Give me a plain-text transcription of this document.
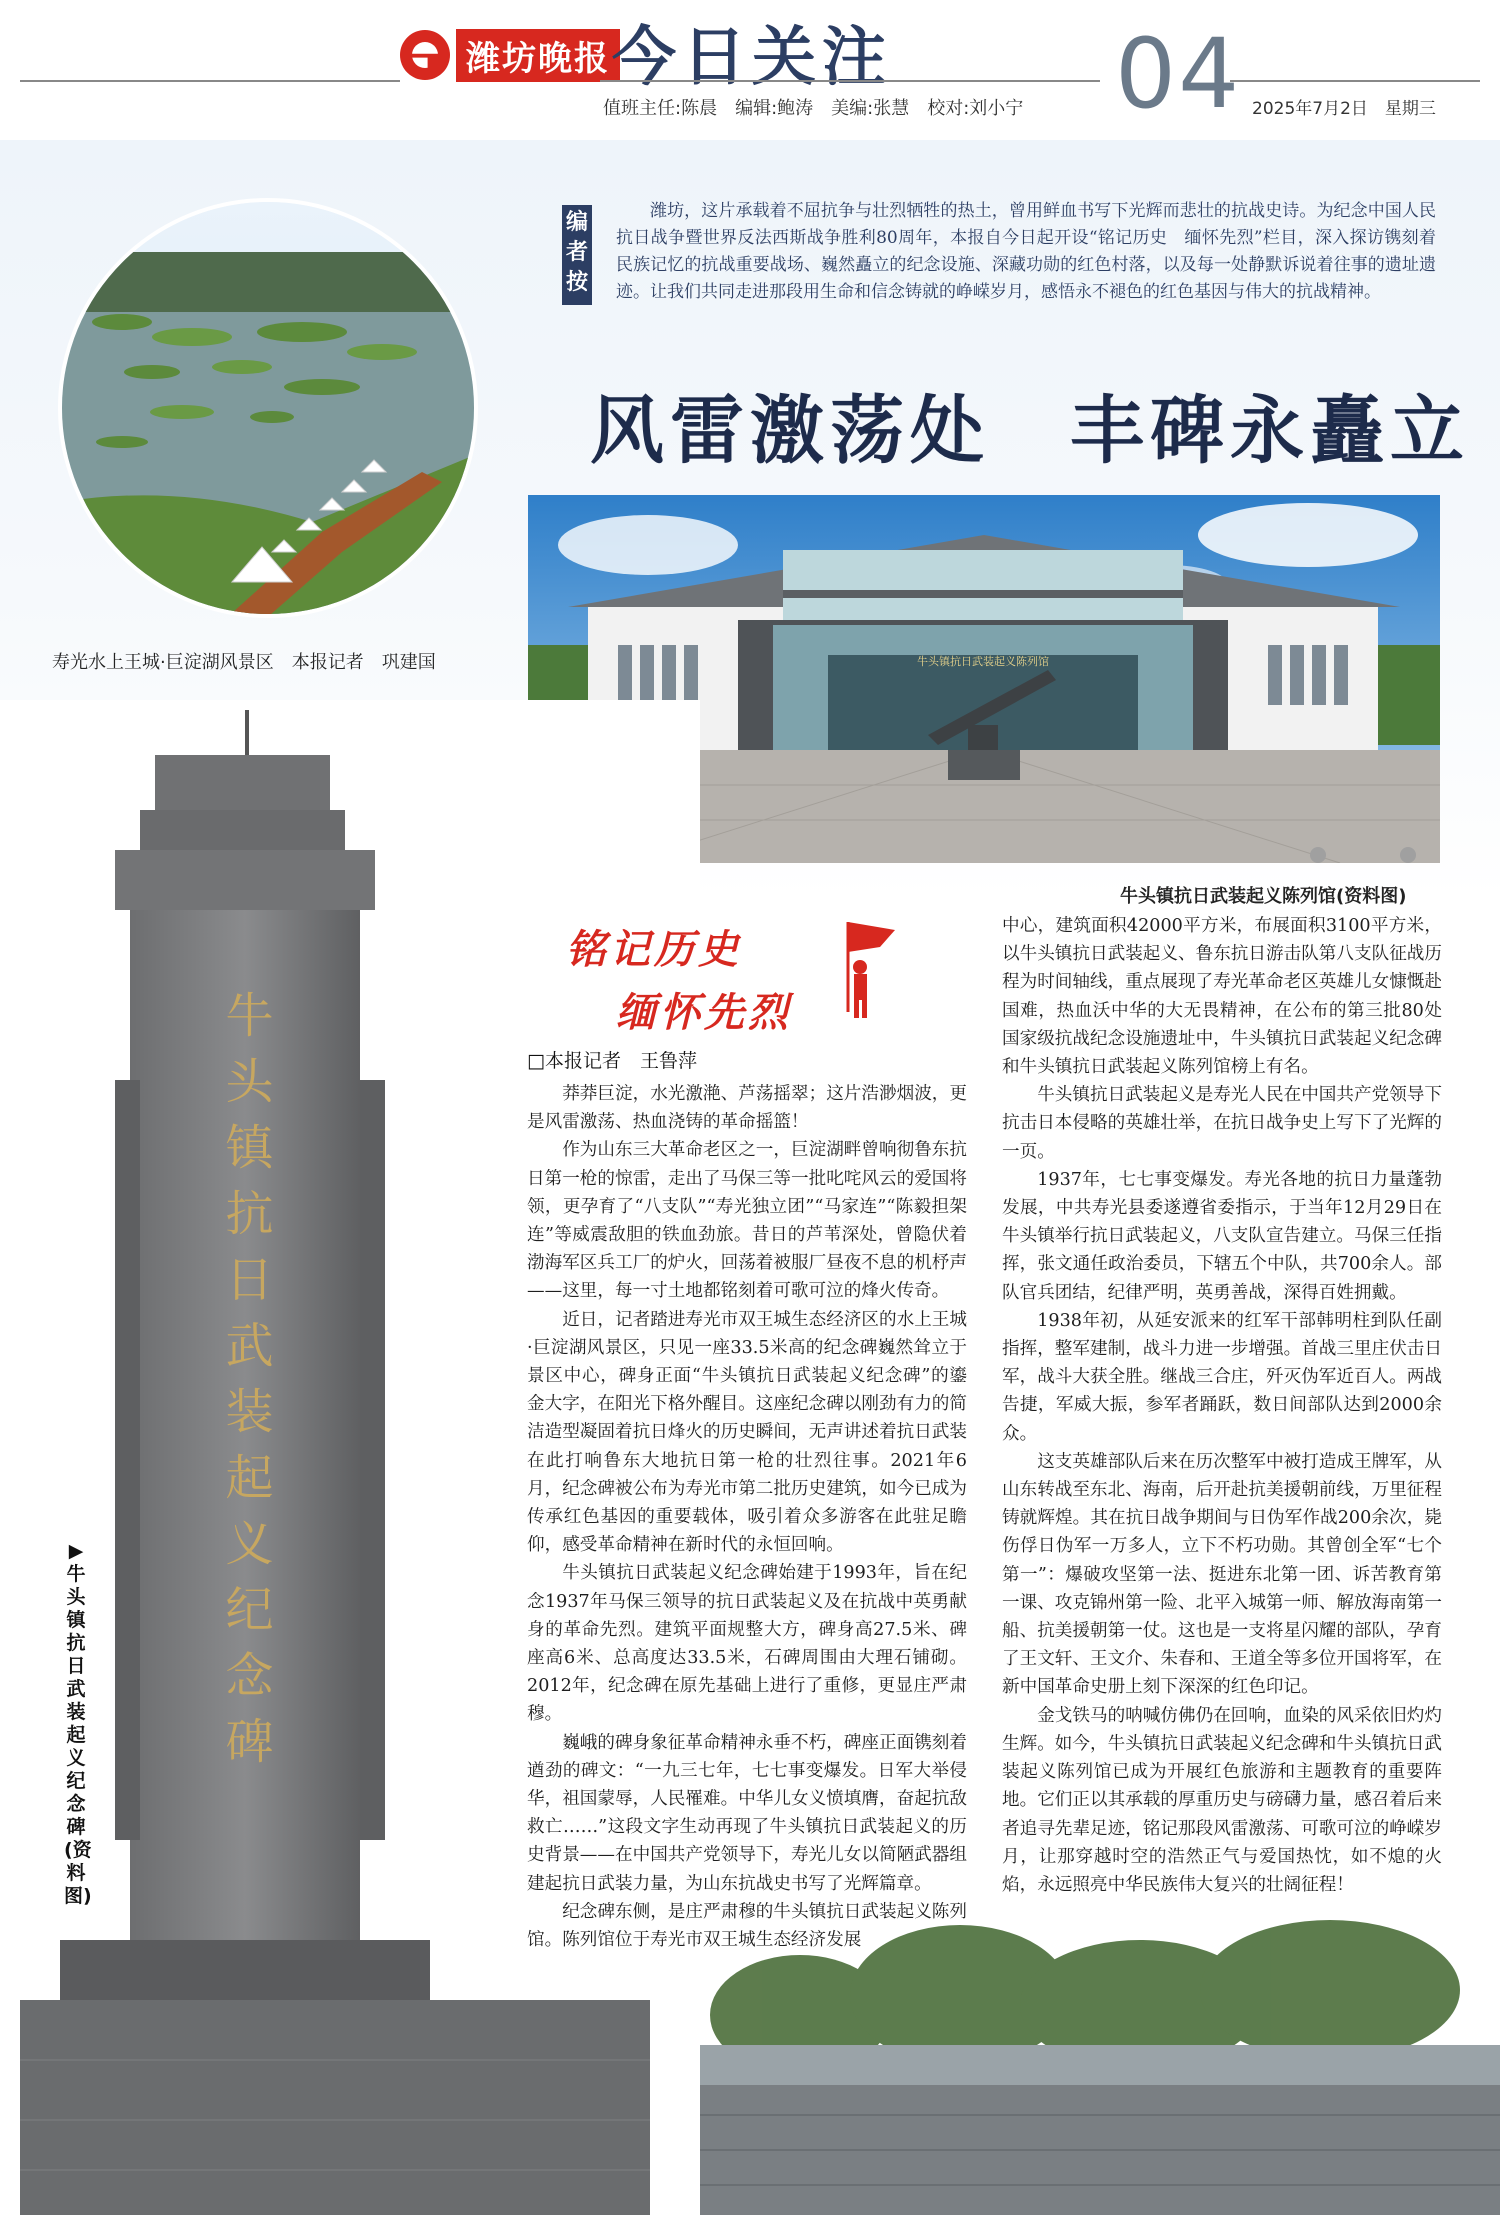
潍坊晚报 今日关注 04
值班主任:陈晨　编辑:鲍涛　美编:张慧　校对:刘小宁	2025年7月2日　星期三
寿光水上王城·巨淀湖风景区　本报记者　巩建国
编者按
潍坊，这片承载着不屈抗争与壮烈牺牲的热土，曾用鲜血书写下光辉而悲壮的抗战史诗。为纪念中国人民抗日战争暨世界反法西斯战争胜利80周年，本报自今日起开设“铭记历史　缅怀先烈”栏目，深入探访镌刻着民族记忆的抗战重要战场、巍然矗立的纪念设施、深藏功勋的红色村落，以及每一处静默诉说着往事的遗址遗迹。让我们共同走进那段用生命和信念铸就的峥嵘岁月，感悟永不褪色的红色基因与伟大的抗战精神。
风雷激荡处　丰碑永矗立
牛头镇抗日武装起义陈列馆
牛头镇抗日武装起义陈列馆(资料图)
牛头镇抗日武装起义纪念碑
▶牛头镇抗日武装起义纪念碑(资料图)
铭记历史
缅怀先烈
□本报记者　王鲁萍

莽莽巨淀，水光激滟、芦荡摇翠；这片浩渺烟波，更是风雷激荡、热血浇铸的革命摇篮！

作为山东三大革命老区之一，巨淀湖畔曾响彻鲁东抗日第一枪的惊雷，走出了马保三等一批叱咤风云的爱国将领，更孕育了“八支队”“寿光独立团”“马家连”“陈毅担架连”等威震敌胆的铁血劲旅。昔日的芦苇深处，曾隐伏着渤海军区兵工厂的炉火，回荡着被服厂昼夜不息的机杼声——这里，每一寸土地都铭刻着可歌可泣的烽火传奇。

近日，记者踏进寿光市双王城生态经济区的水上王城·巨淀湖风景区，只见一座33.5米高的纪念碑巍然耸立于景区中心，碑身正面“牛头镇抗日武装起义纪念碑”的鎏金大字，在阳光下格外醒目。这座纪念碑以刚劲有力的简洁造型凝固着抗日烽火的历史瞬间，无声讲述着抗日武装在此打响鲁东大地抗日第一枪的壮烈往事。2021年6月，纪念碑被公布为寿光市第二批历史建筑，如今已成为传承红色基因的重要载体，吸引着众多游客在此驻足瞻仰，感受革命精神在新时代的永恒回响。

牛头镇抗日武装起义纪念碑始建于1993年，旨在纪念1937年马保三领导的抗日武装起义及在抗战中英勇献身的革命先烈。建筑平面规整大方，碑身高27.5米、碑座高6米、总高度达33.5米，石碑周围由大理石铺砌。2012年，纪念碑在原先基础上进行了重修，更显庄严肃穆。

巍峨的碑身象征革命精神永垂不朽，碑座正面镌刻着遒劲的碑文：“一九三七年，七七事变爆发。日军大举侵华，祖国蒙辱，人民罹难。中华儿女义愤填膺，奋起抗敌救亡……”这段文字生动再现了牛头镇抗日武装起义的历史背景——在中国共产党领导下，寿光儿女以简陋武器组建起抗日武装力量，为山东抗战史书写了光辉篇章。

纪念碑东侧，是庄严肃穆的牛头镇抗日武装起义陈列馆。陈列馆位于寿光市双王城生态经济发展

中心，建筑面积42000平方米，布展面积3100平方米，以牛头镇抗日武装起义、鲁东抗日游击队第八支队征战历程为时间轴线，重点展现了寿光革命老区英雄儿女慷慨赴国难，热血沃中华的大无畏精神，在公布的第三批80处国家级抗战纪念设施遗址中，牛头镇抗日武装起义纪念碑和牛头镇抗日武装起义陈列馆榜上有名。

牛头镇抗日武装起义是寿光人民在中国共产党领导下抗击日本侵略的英雄壮举，在抗日战争史上写下了光辉的一页。

1937年，七七事变爆发。寿光各地的抗日力量蓬勃发展，中共寿光县委遂遵省委指示，于当年12月29日在牛头镇举行抗日武装起义，八支队宣告建立。马保三任指挥，张文通任政治委员，下辖五个中队，共700余人。部队官兵团结，纪律严明，英勇善战，深得百姓拥戴。

1938年初，从延安派来的红军干部韩明柱到队任副指挥，整军建制，战斗力进一步增强。首战三里庄伏击日军，战斗大获全胜。继战三合庄，歼灭伪军近百人。两战告捷，军威大振，参军者踊跃，数日间部队达到2000余众。

这支英雄部队后来在历次整军中被打造成王牌军，从山东转战至东北、海南，后开赴抗美援朝前线，万里征程铸就辉煌。其在抗日战争期间与日伪军作战200余次，毙伤俘日伪军一万多人，立下不朽功勋。其曾创全军“七个第一”：爆破攻坚第一法、挺进东北第一团、诉苦教育第一课、攻克锦州第一险、北平入城第一师、解放海南第一船、抗美援朝第一仗。这也是一支将星闪耀的部队，孕育了王文轩、王文介、朱春和、王道全等多位开国将军，在新中国革命史册上刻下深深的红色印记。

金戈铁马的呐喊仿佛仍在回响，血染的风采依旧灼灼生辉。如今，牛头镇抗日武装起义纪念碑和牛头镇抗日武装起义陈列馆已成为开展红色旅游和主题教育的重要阵地。它们正以其承载的厚重历史与磅礴力量，感召着后来者追寻先辈足迹，铭记那段风雷激荡、可歌可泣的峥嵘岁月，让那穿越时空的浩然正气与爱国热忱，如不熄的火焰，永远照亮中华民族伟大复兴的壮阔征程！
